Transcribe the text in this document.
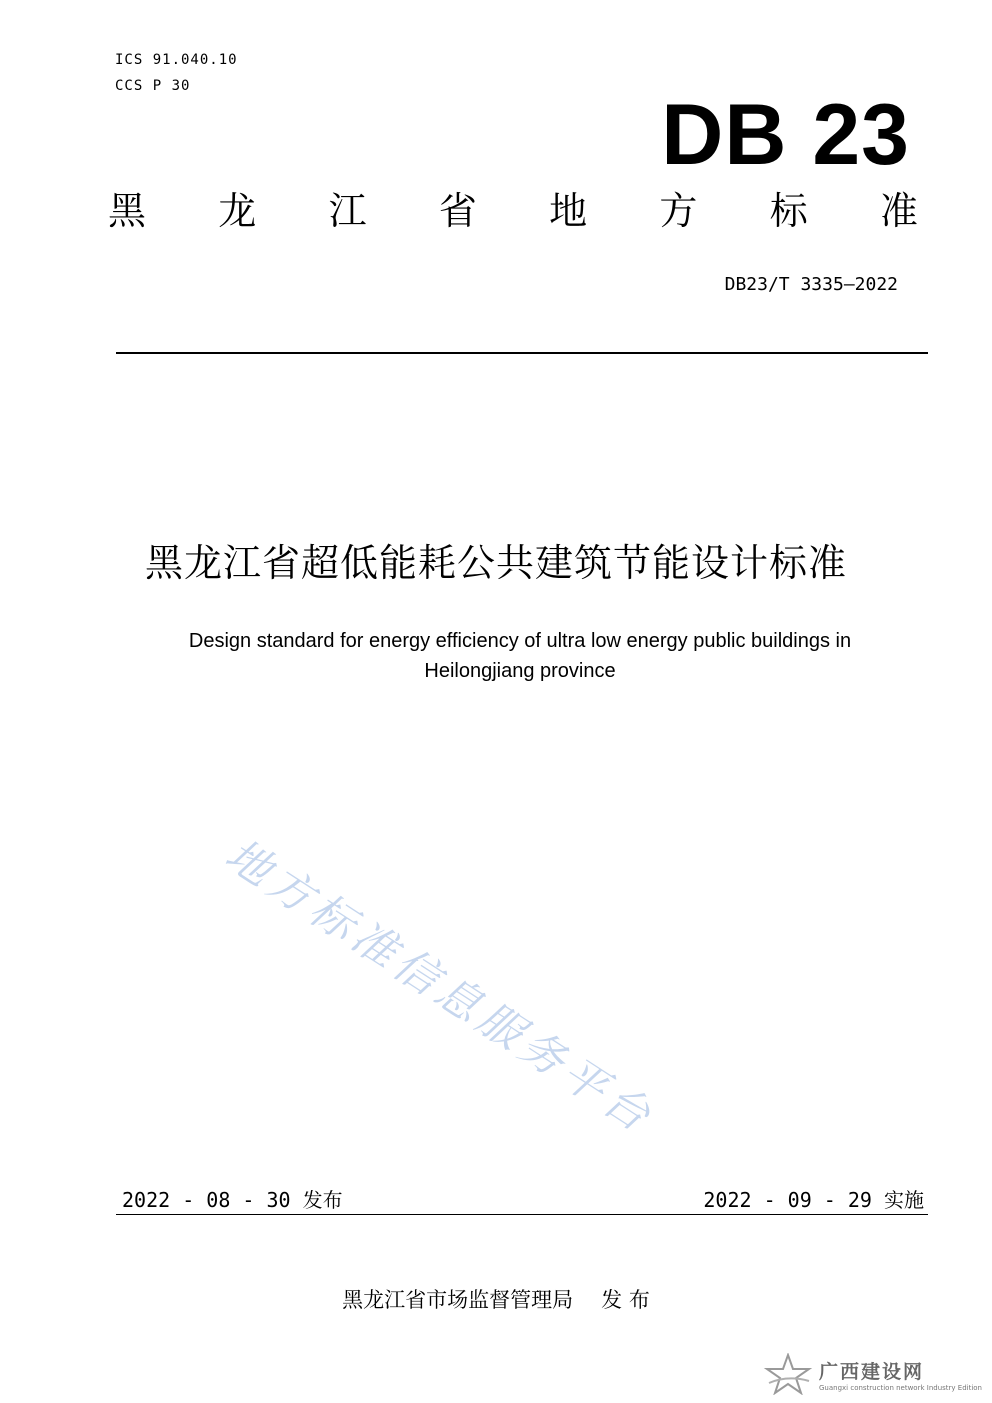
ICS 91.040.10
CCS P 30
DB 23
黑 龙 江 省 地 方 标 准
DB23/T 3335—2022
黑龙江省超低能耗公共建筑节能设计标准
Design standard for energy efficiency of ultra low energy public buildings in Heilongjiang province
地方标准信息服务平台
2022 - 08 - 30 发布	2022 - 09 - 29 实施
黑龙江省市场监督管理局 发 布
广西建设网
Guangxi construction network Industry Edition
